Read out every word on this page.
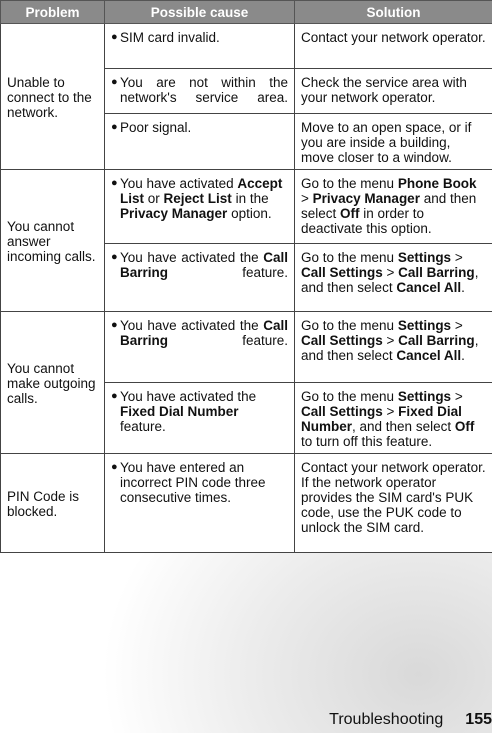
Problem	Possible cause	Solution
Unable to connect to the network.	● SIM card invalid.	Contact your network operator.

	● You are not within the network's service area.	Check the service area with your network operator.

	● Poor signal.	Move to an open space, or if you are inside a building, move closer to a window.
You cannot answer incoming calls.	● You have activated Accept List or Reject List in the Privacy Manager option.	Go to the menu Phone Book > Privacy Manager and then select Off in order to deactivate this option.

	● You have activated the Call Barring feature.	Go to the menu Settings > Call Settings > Call Barring, and then select Cancel All.
You cannot make outgoing calls.	● You have activated the Call Barring feature.	Go to the menu Settings > Call Settings > Call Barring, and then select Cancel All.

	● You have activated the Fixed Dial Number feature.	Go to the menu Settings > Call Settings > Fixed Dial Number, and then select Off to turn off this feature.
PIN Code is blocked.	● You have entered an incorrect PIN code three consecutive times.	Contact your network operator. If the network operator provides the SIM card's PUK code, use the PUK code to unlock the SIM card.
Troubleshooting 155
